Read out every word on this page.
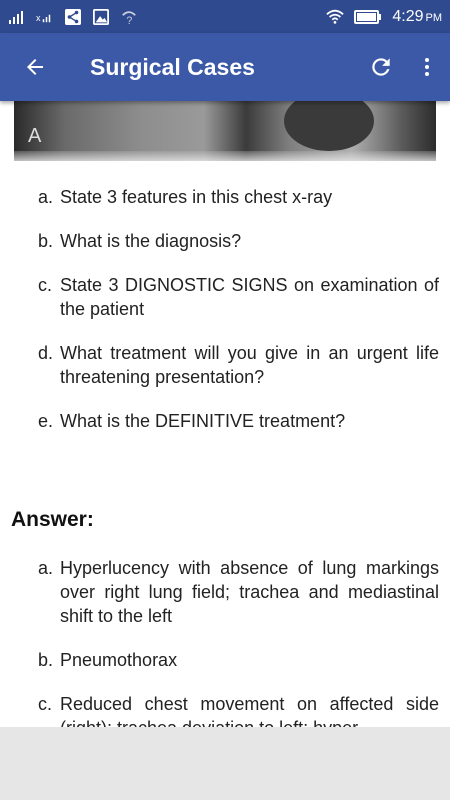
x	?	4:29 PM
Surgical Cases
A
a. State 3 features in this chest x-ray
b. What is the diagnosis?
c. State 3 DIGNOSTIC SIGNS on examination of the patient
d. What treatment will you give in an urgent life threatening presentation?
e. What is the DEFINITIVE treatment?
Answer:
a. Hyperlucency with absence of lung markings over right lung field; trachea and mediastinal shift to the left
b. Pneumothorax
c. Reduced chest movement on affected side
